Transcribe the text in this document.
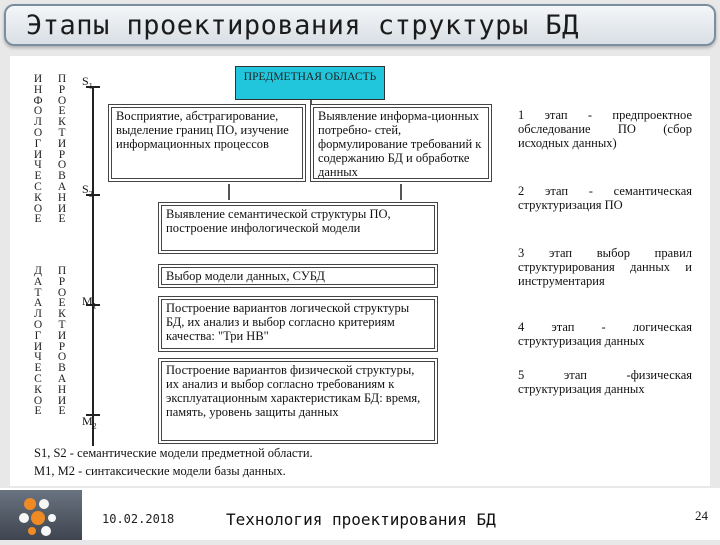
Этапы проектирования структуры БД
И
Н
Ф
О
Л
О
Г
И
Ч
Е
С
К
О
Е
П
Р
О
Е
К
Т
И
Р
О
В
А
Н
И
Е
Д
А
Т
А
Л
О
Г
И
Ч
Е
С
К
О
Е
П
Р
О
Е
К
Т
И
Р
О
В
А
Н
И
Е
$S_1$
$S_2$
$M_1$
$M_2$
ПРЕДМЕТНАЯ ОБЛАСТЬ
Восприятие, абстрагирование, выделение границ ПО, изучение информационных процессов
Выявление информа-ционных потребно- стей, формулирование требований к содержанию БД и обработке данных
Выявление семантической структуры ПО, построение инфологической модели
Выбор модели данных, СУБД
Построение вариантов логической структуры БД, их анализ и выбор согласно критериям качества: "Три НВ"
Построение вариантов физической структуры, их анализ и выбор согласно требованиям к эксплуатационным характеристикам БД: время, память, уровень защиты данных
1 этап - предпроектное обследование ПО (сбор исходных данных)
2 этап - семантическая структуризация ПО
3 этап выбор правил структурирования данных и инструментария
4 этап - логическая структуризация данных
5 этап -физическая структуризация данных
S1, S2 - семантические модели предметной области.
M1, M2 - синтаксические модели базы данных.
10.02.2018	Технология проектирования БД	24
